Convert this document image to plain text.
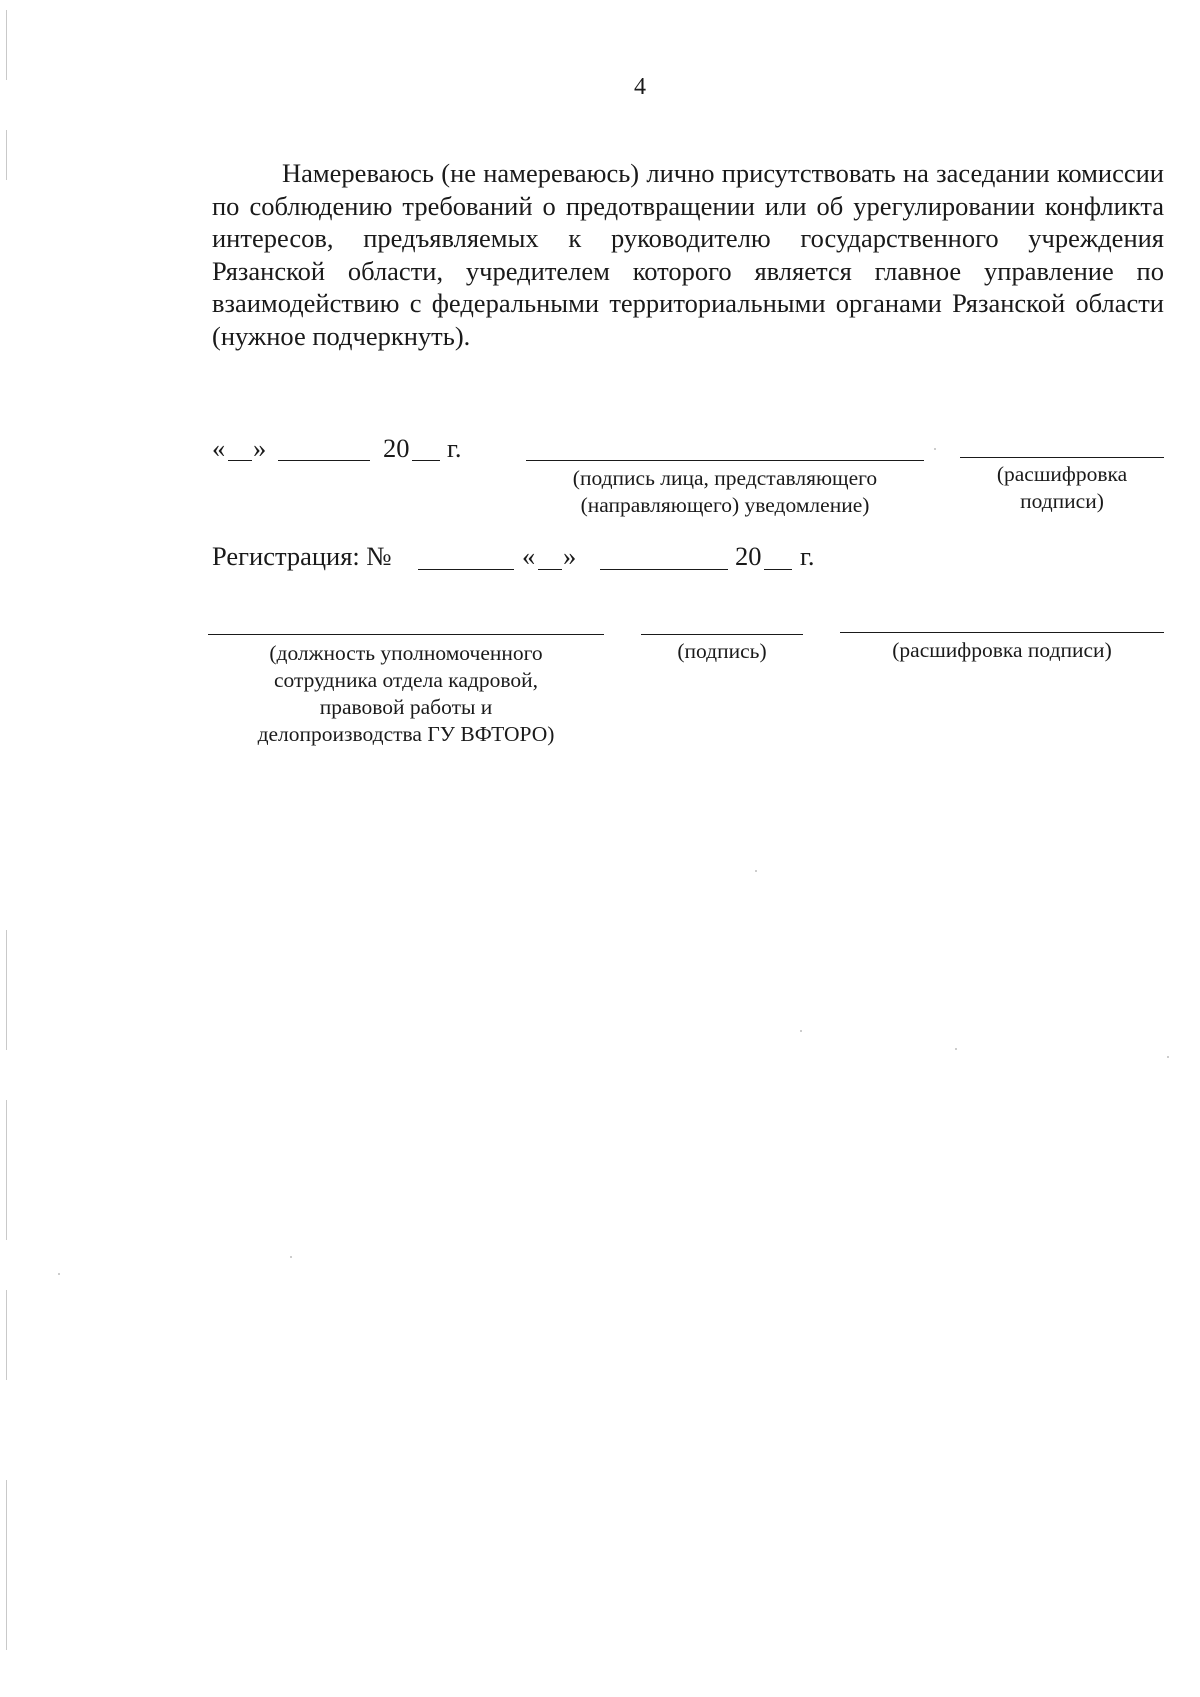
4

Намереваюсь (не намереваюсь) лично присутствовать на заседании комиссии по соблюдению требований о предотвращении или об урегулировании конфликта интересов, предъявляемых к руководителю государственного учреждения Рязанской области, учредителем которого является главное управление по взаимодействию с федеральными территориальными органами Рязанской области (нужное подчеркнуть).

« »	20 г.
(подпись лица, представляющего
(направляющего) уведомление)
(расшифровка
подписи)
Регистрация: №	« »	20 г.
(должность уполномоченного
сотрудника отдела кадровой,
правовой работы и
делопроизводства ГУ ВФТОРО)
(подпись)	(расшифровка подписи)
